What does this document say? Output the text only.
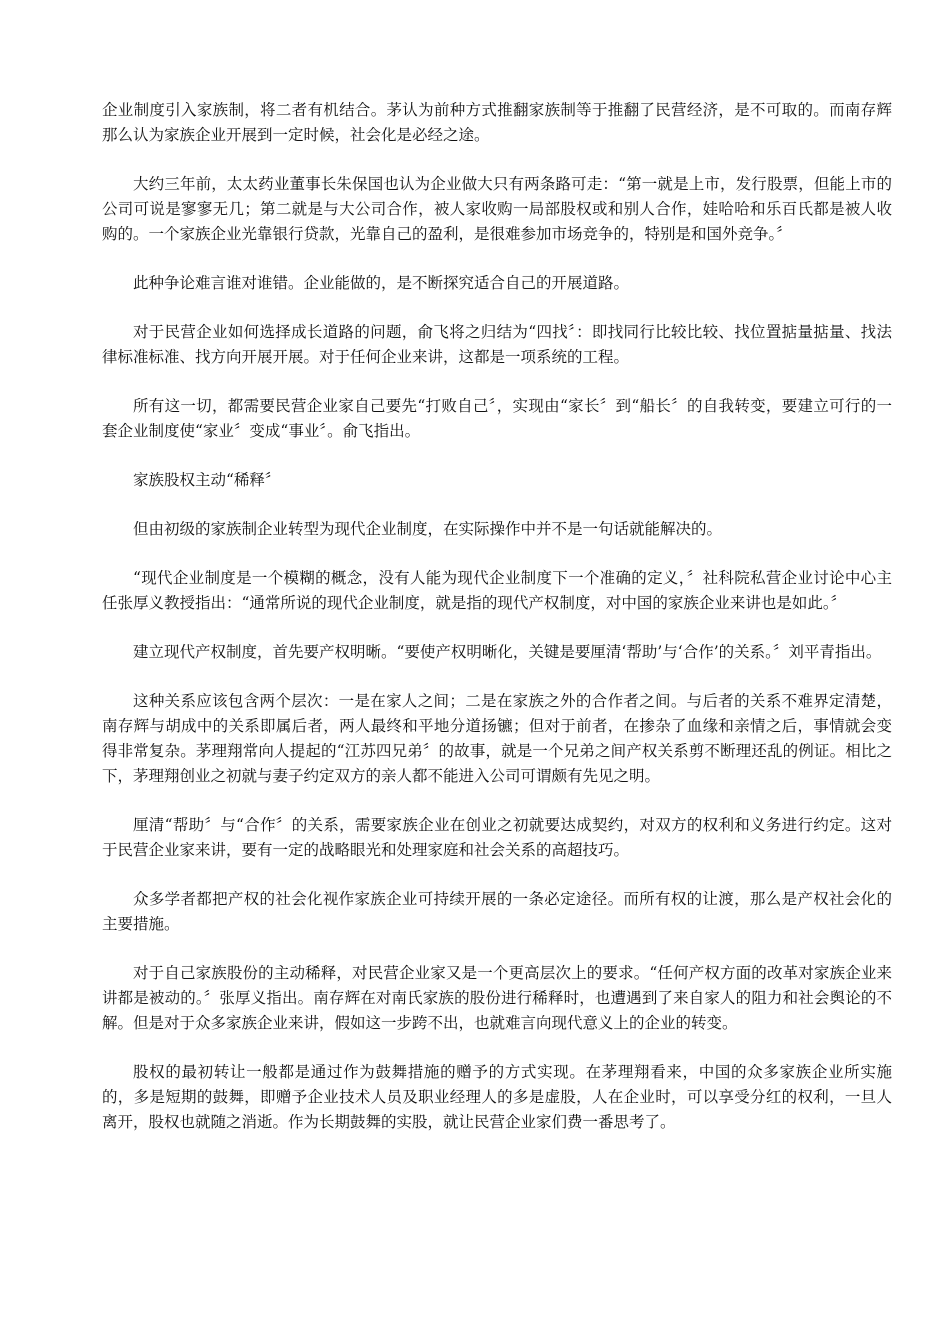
企业制度引入家族制，将二者有机结合。茅认为前种方式推翻家族制等于推翻了民营经济，是不可取的。而南存辉那么认为家族企业开展到一定时候，社会化是必经之途。

大约三年前，太太药业董事长朱保国也认为企业做大只有两条路可走：“第一就是上市，发行股票，但能上市的公司可说是寥寥无几；第二就是与大公司合作，被人家收购一局部股权或和别人合作，娃哈哈和乐百氏都是被人收购的。一个家族企业光靠银行贷款，光靠自己的盈利，是很难参加市场竞争的，特别是和国外竞争。〞

此种争论难言谁对谁错。企业能做的，是不断探究适合自己的开展道路。

对于民营企业如何选择成长道路的问题，俞飞将之归结为“四找〞：即找同行比较比较、找位置掂量掂量、找法律标准标准、找方向开展开展。对于任何企业来讲，这都是一项系统的工程。

所有这一切，都需要民营企业家自己要先“打败自己〞，实现由“家长〞到“船长〞的自我转变，要建立可行的一套企业制度使“家业〞变成“事业〞。俞飞指出。

家族股权主动“稀释〞

但由初级的家族制企业转型为现代企业制度，在实际操作中并不是一句话就能解决的。

“现代企业制度是一个模糊的概念，没有人能为现代企业制度下一个准确的定义，〞社科院私营企业讨论中心主任张厚义教授指出：“通常所说的现代企业制度，就是指的现代产权制度，对中国的家族企业来讲也是如此。〞

建立现代产权制度，首先要产权明晰。“要使产权明晰化，关键是要厘清‘帮助’与‘合作’的关系。〞刘平青指出。

这种关系应该包含两个层次：一是在家人之间；二是在家族之外的合作者之间。与后者的关系不难界定清楚，南存辉与胡成中的关系即属后者，两人最终和平地分道扬镳；但对于前者，在掺杂了血缘和亲情之后，事情就会变得非常复杂。茅理翔常向人提起的“江苏四兄弟〞的故事，就是一个兄弟之间产权关系剪不断理还乱的例证。相比之下，茅理翔创业之初就与妻子约定双方的亲人都不能进入公司可谓颇有先见之明。

厘清“帮助〞与“合作〞的关系，需要家族企业在创业之初就要达成契约，对双方的权利和义务进行约定。这对于民营企业家来讲，要有一定的战略眼光和处理家庭和社会关系的高超技巧。

众多学者都把产权的社会化视作家族企业可持续开展的一条必定途径。而所有权的让渡，那么是产权社会化的主要措施。

对于自己家族股份的主动稀释，对民营企业家又是一个更高层次上的要求。“任何产权方面的改革对家族企业来讲都是被动的。〞张厚义指出。南存辉在对南氏家族的股份进行稀释时，也遭遇到了来自家人的阻力和社会舆论的不解。但是对于众多家族企业来讲，假如这一步跨不出，也就难言向现代意义上的企业的转变。

股权的最初转让一般都是通过作为鼓舞措施的赠予的方式实现。在茅理翔看来，中国的众多家族企业所实施的，多是短期的鼓舞，即赠予企业技术人员及职业经理人的多是虚股，人在企业时，可以享受分红的权利，一旦人离开，股权也就随之消逝。作为长期鼓舞的实股，就让民营企业家们费一番思考了。
